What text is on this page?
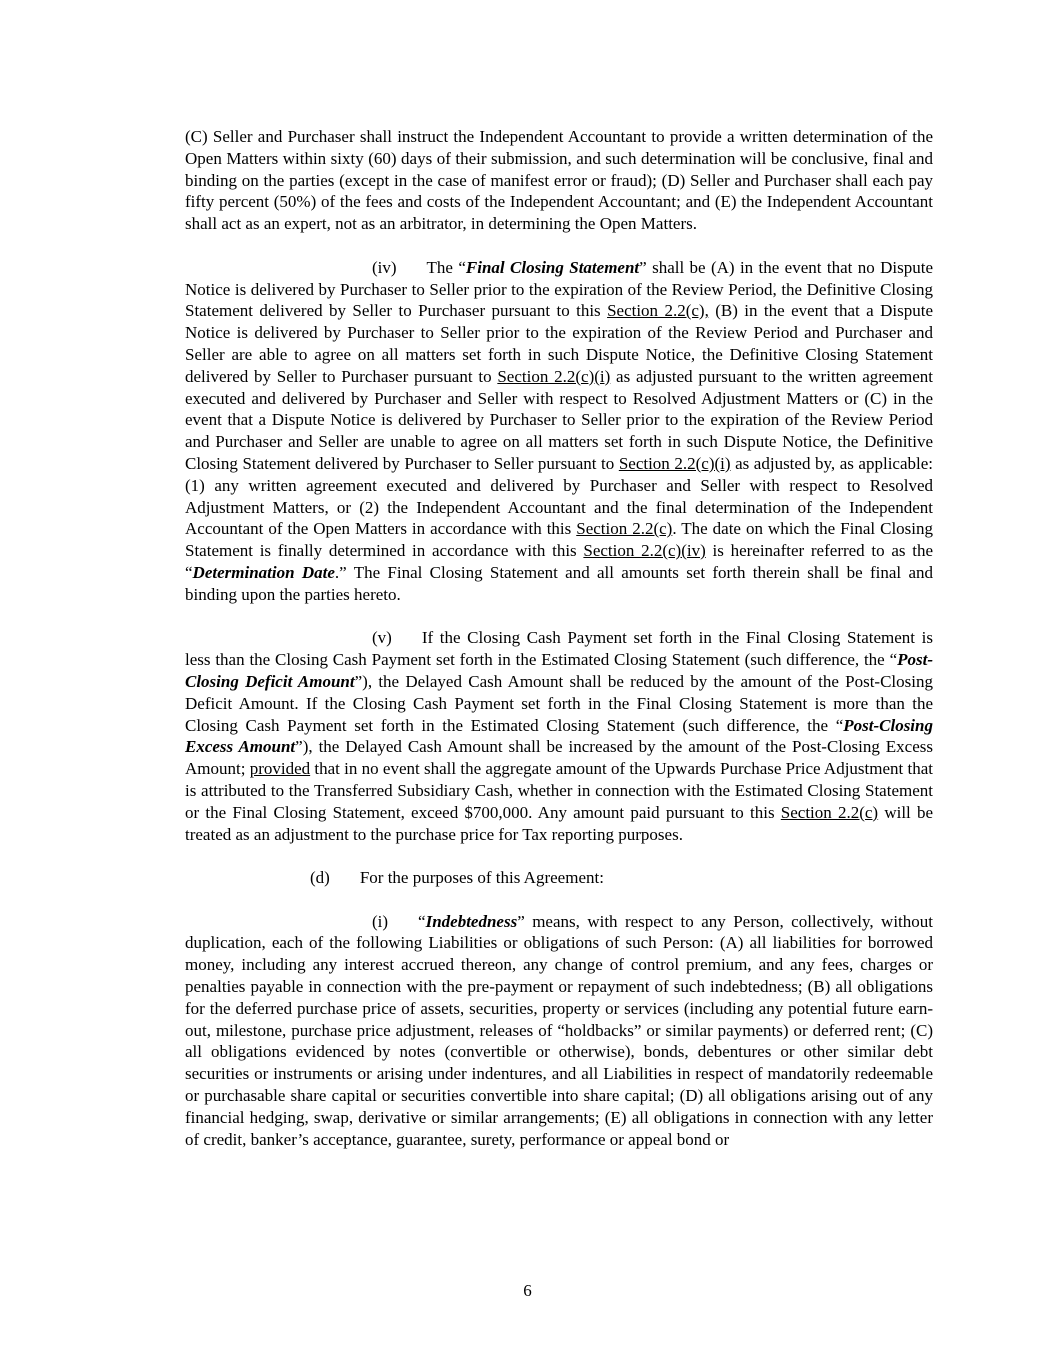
(C) Seller and Purchaser shall instruct the Independent Accountant to provide a written determination of the Open Matters within sixty (60) days of their submission, and such determination will be conclusive, final and binding on the parties (except in the case of manifest error or fraud); (D) Seller and Purchaser shall each pay fifty percent (50%) of the fees and costs of the Independent Accountant; and (E) the Independent Accountant shall act as an expert, not as an arbitrator, in determining the Open Matters.

(iv) The “Final Closing Statement” shall be (A) in the event that no Dispute Notice is delivered by Purchaser to Seller prior to the expiration of the Review Period, the Definitive Closing Statement delivered by Seller to Purchaser pursuant to this Section 2.2(c), (B) in the event that a Dispute Notice is delivered by Purchaser to Seller prior to the expiration of the Review Period and Purchaser and Seller are able to agree on all matters set forth in such Dispute Notice, the Definitive Closing Statement delivered by Seller to Purchaser pursuant to Section 2.2(c)(i) as adjusted pursuant to the written agreement executed and delivered by Purchaser and Seller with respect to Resolved Adjustment Matters or (C) in the event that a Dispute Notice is delivered by Purchaser to Seller prior to the expiration of the Review Period and Purchaser and Seller are unable to agree on all matters set forth in such Dispute Notice, the Definitive Closing Statement delivered by Purchaser to Seller pursuant to Section 2.2(c)(i) as adjusted by, as applicable: (1) any written agreement executed and delivered by Purchaser and Seller with respect to Resolved Adjustment Matters, or (2) the Independent Accountant and the final determination of the Independent Accountant of the Open Matters in accordance with this Section 2.2(c). The date on which the Final Closing Statement is finally determined in accordance with this Section 2.2(c)(iv) is hereinafter referred to as the “Determination Date.” The Final Closing Statement and all amounts set forth therein shall be final and binding upon the parties hereto.

(v) If the Closing Cash Payment set forth in the Final Closing Statement is less than the Closing Cash Payment set forth in the Estimated Closing Statement (such difference, the “Post-Closing Deficit Amount”), the Delayed Cash Amount shall be reduced by the amount of the Post-Closing Deficit Amount. If the Closing Cash Payment set forth in the Final Closing Statement is more than the Closing Cash Payment set forth in the Estimated Closing Statement (such difference, the “Post-Closing Excess Amount”), the Delayed Cash Amount shall be increased by the amount of the Post-Closing Excess Amount; provided that in no event shall the aggregate amount of the Upwards Purchase Price Adjustment that is attributed to the Transferred Subsidiary Cash, whether in connection with the Estimated Closing Statement or the Final Closing Statement, exceed $700,000. Any amount paid pursuant to this Section 2.2(c) will be treated as an adjustment to the purchase price for Tax reporting purposes.

(d) For the purposes of this Agreement:

(i) “Indebtedness” means, with respect to any Person, collectively, without duplication, each of the following Liabilities or obligations of such Person: (A) all liabilities for borrowed money, including any interest accrued thereon, any change of control premium, and any fees, charges or penalties payable in connection with the pre-payment or repayment of such indebtedness; (B) all obligations for the deferred purchase price of assets, securities, property or services (including any potential future earn-out, milestone, purchase price adjustment, releases of “holdbacks” or similar payments) or deferred rent; (C) all obligations evidenced by notes (convertible or otherwise), bonds, debentures or other similar debt securities or instruments or arising under indentures, and all Liabilities in respect of mandatorily redeemable or purchasable share capital or securities convertible into share capital; (D) all obligations arising out of any financial hedging, swap, derivative or similar arrangements; (E) all obligations in connection with any letter of credit, banker’s acceptance, guarantee, surety, performance or appeal bond or

6
